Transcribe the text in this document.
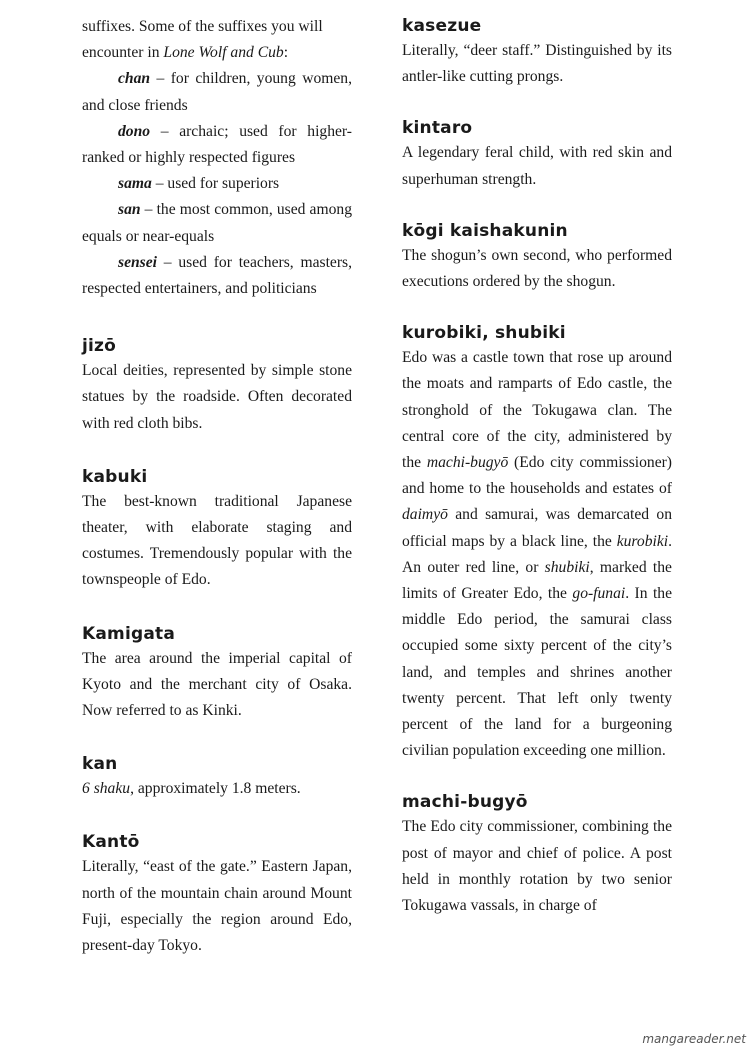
suffixes. Some of the suffixes you will

encounter in Lone Wolf and Cub:

chan – for children, young women, and close friends

dono – archaic; used for higher-ranked or highly respected figures

sama – used for superiors

san – the most common, used among equals or near-equals

sensei – used for teachers, masters, respected entertainers, and politicians

jizō

Local deities, represented by simple stone statues by the roadside. Often decorated with red cloth bibs.

kabuki

The best-known traditional Japanese theater, with elaborate staging and costumes. Tremendously popular with the townspeople of Edo.

Kamigata

The area around the imperial capital of Kyoto and the merchant city of Osaka. Now referred to as Kinki.

kan

6 shaku, approximately 1.8 meters.

Kantō

Literally, “east of the gate.” Eastern Japan, north of the mountain chain around Mount Fuji, especially the region around Edo, present-day Tokyo.

kasezue

Literally, “deer staff.” Distinguished by its antler-like cutting prongs.

kintaro

A legendary feral child, with red skin and superhuman strength.

kōgi kaishakunin

The shogun’s own second, who performed executions ordered by the shogun.

kurobiki, shubiki

Edo was a castle town that rose up around the moats and ramparts of Edo castle, the stronghold of the Tokugawa clan. The central core of the city, administered by the machi-bugyō (Edo city commissioner) and home to the households and estates of daimyō and samurai, was demarcated on official maps by a black line, the kurobiki. An outer red line, or shubiki, marked the limits of Greater Edo, the go-funai. In the middle Edo period, the samurai class occupied some sixty percent of the city’s land, and temples and shrines another twenty percent. That left only twenty percent of the land for a burgeoning civilian population exceeding one million.

machi-bugyō

The Edo city commissioner, combining the post of mayor and chief of police. A post held in monthly rotation by two senior Tokugawa vassals, in charge of

mangareader.net
